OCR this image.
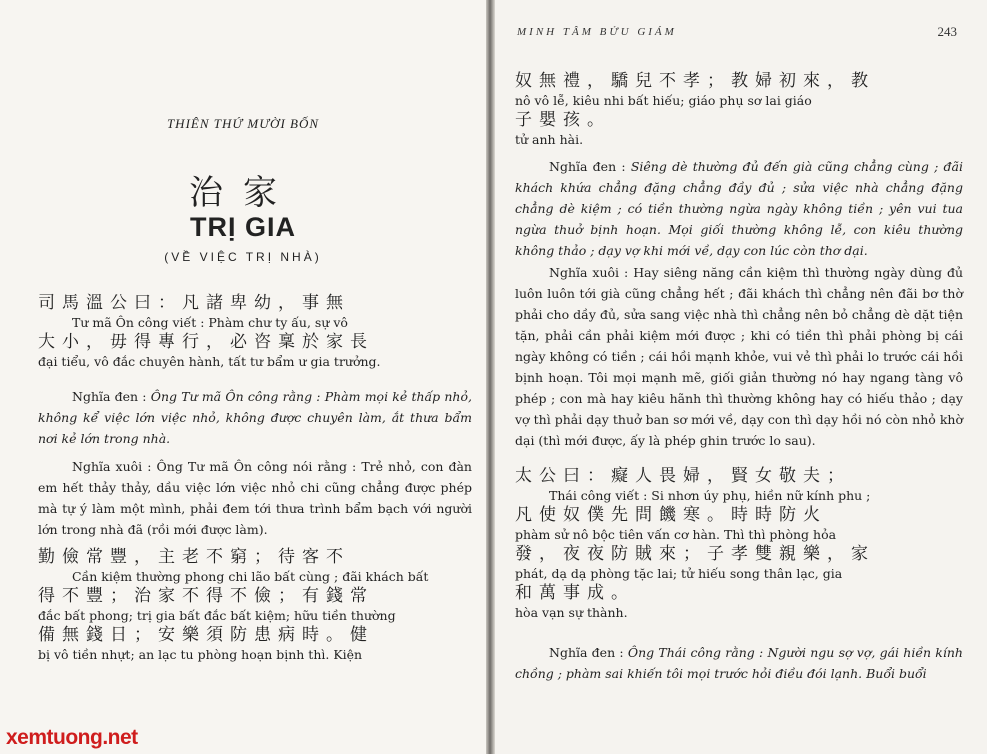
THIÊN THỨ MƯỜI BỐN
治家
TRỊ GIA
(VỀ VIỆC TRỊ NHÀ)
司馬溫公曰：凡諸卑幼，事無
Tư mã Ôn công viết : Phàm chư ty ấu, sự vô
大小，毋得專行，必咨稟於家長
đại tiểu, vô đắc chuyên hành, tất tư bẩm ư gia trưởng.
Nghĩa đen : Ông Tư mã Ôn công rằng : Phàm mọi kẻ thấp nhỏ, không kể việc lớn việc nhỏ, không được chuyên làm, ắt thưa bẩm nơi kẻ lớn trong nhà.
Nghĩa xuôi : Ông Tư mã Ôn công nói rằng : Trẻ nhỏ, con đàn em hết thảy thảy, dầu việc lớn việc nhỏ chi cũng chẳng được phép mà tự ý làm một mình, phải đem tới thưa trình bẩm bạch với người lớn trong nhà đã (rồi mới được làm).
勤儉常豐，主老不窮；待客不
Cần kiệm thường phong chi lão bất cùng ; đãi khách bất
得不豐；治家不得不儉；有錢常
đắc bất phong; trị gia bất đắc bất kiệm; hữu tiền thường
備無錢日；安樂須防患病時。健
bị vô tiền nhựt; an lạc tu phòng hoạn bịnh thì. Kiện
MINH TÂM BỬU GIÁM	243
奴無禮，驕兒不孝；教婦初來，教
nô vô lễ, kiêu nhi bất hiếu; giáo phụ sơ lai giáo
子嬰孩。
tử anh hài.
Nghĩa đen : Siêng dè thường đủ đến già cũng chẳng cùng ; đãi khách khứa chẳng đặng chẳng đầy đủ ; sửa việc nhà chẳng đặng chẳng dè kiệm ; có tiền thường ngừa ngày không tiền ; yên vui tua ngừa thuở bịnh hoạn. Mọi giối thường không lễ, con kiêu thường không thảo ; dạy vợ khi mới về, dạy con lúc còn thơ dại.
Nghĩa xuôi : Hay siêng năng cần kiệm thì thường ngày dùng đủ luôn luôn tới già cũng chẳng hết ; đãi khách thì chẳng nên đãi bơ thờ phải cho dầy đủ, sửa sang việc nhà thì chẳng nên bỏ chẳng dè dặt tiện tặn, phải cần phải kiệm mới được ; khi có tiền thì phải phòng bị cái ngày không có tiền ; cái hồi mạnh khỏe, vui vẻ thì phải lo trước cái hồi bịnh hoạn. Tôi mọi mạnh mẽ, giối giản thường nó hay ngang tàng vô phép ; con mà hay kiêu hãnh thì thường không hay có hiếu thảo ; dạy vợ thì phải dạy thuở ban sơ mới về, dạy con thì dạy hồi nó còn nhỏ khờ dại (thì mới được, ấy là phép ghin trước lo sau).
太公曰：癡人畏婦，賢女敬夫；
Thái công viết : Si nhơn úy phụ, hiền nữ kính phu ;
凡使奴僕先問饑寒。時時防火
phàm sử nô bộc tiên vấn cơ hàn. Thì thì phòng hỏa
發，夜夜防賊來；子孝雙親樂，家
phát, dạ dạ phòng tặc lai; tử hiếu song thân lạc, gia
和萬事成。
hòa vạn sự thành.
Nghĩa đen : Ông Thái công rằng : Người ngu sợ vợ, gái hiền kính chồng ; phàm sai khiến tôi mọi trước hỏi điều đói lạnh. Buổi buổi
xemtuong.net
